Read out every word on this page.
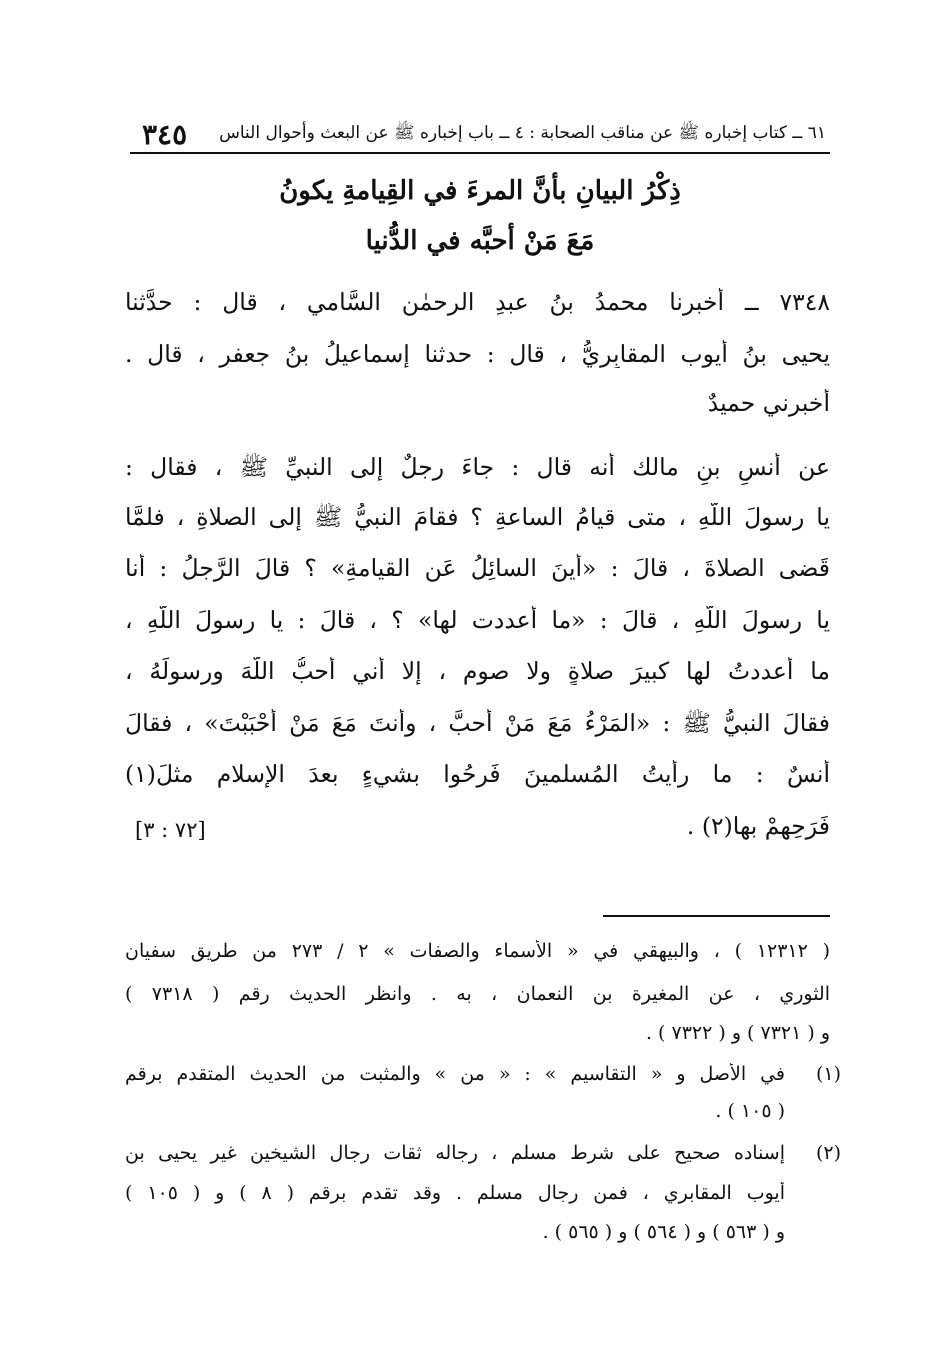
٣٤٥ ٦١ ــ كتاب إخباره ﷺ عن مناقب الصحابة : ٤ ــ باب إخباره ﷺ عن البعث وأحوال الناس
ذِكْرُ البيانِ بأنَّ المرءَ في القِيامةِ يكونُ
مَعَ مَنْ أحبَّه في الدُّنيا
٧٣٤٨ ــ أخبرنا محمدُ بنُ عبدِ الرحمٰنِ السَّامي ، قال : حدَّثنا
يحيى بنُ أيوب المقابِريُّ ، قال : حدثنا إسماعيلُ بنُ جعفرٍ ، قال .
أخبرني حميدٌ
عن أنسِ بنِ مالك أنه قال : جاءَ رجلٌ إلى النبيِّ ﷺ ، فقال :
يا رسولَ اللَّهِ ، متى قيامُ الساعةِ ؟ فقامَ النبيُّ ﷺ إلى الصلاةِ ، فلمَّا
قَضى الصلاةَ ، قالَ : «أينَ السائِلُ عَنِ القيامةِ» ؟ قالَ الرَّجلُ : أنا
يا رسولَ اللَّهِ ، قالَ : «ما أعددت لها» ؟ ، قالَ : يا رسولَ اللَّهِ ،
ما أعددتُ لها كبيرَ صلاةٍ ولا صوم ، إلا أني أُحبُّ اللَّهَ ورسولَهُ ،
فقالَ النبيُّ ﷺ : «المَرْءُ مَعَ مَنْ أحبَّ ، وأنتَ مَعَ مَنْ أَحْبَبْتَ» ، فقالَ
أنسٌ : ما رأيتُ المُسلمينَ فَرِحُوا بشيءٍ بعدَ الإسلامِ مثلَ(١)
فَرَحِهِمْ بها(٢) .
[٧٢ : ٣]
( ١٢٣١٢ ) ، والبيهقي في « الأسماء والصفات » ٢ / ٢٧٣ من طريق سفيان
الثوري ، عن المغيرة بن النعمان ، به . وانظر الحديث رقم ( ٧٣١٨ )
و ( ٧٣٢١ ) و ( ٧٣٢٢ ) .
(١)
في الأصل و « التقاسيم » : « من » والمثبت من الحديث المتقدم برقم
( ١٠٥ ) .
(٢)
إسناده صحيح على شرط مسلم ، رجاله ثقات رجال الشيخين غير يحيى بن
أيوب المقابري ، فمن رجال مسلم . وقد تقدم برقم ( ٨ ) و ( ١٠٥ )
و ( ٥٦٣ ) و ( ٥٦٤ ) و ( ٥٦٥ ) .
